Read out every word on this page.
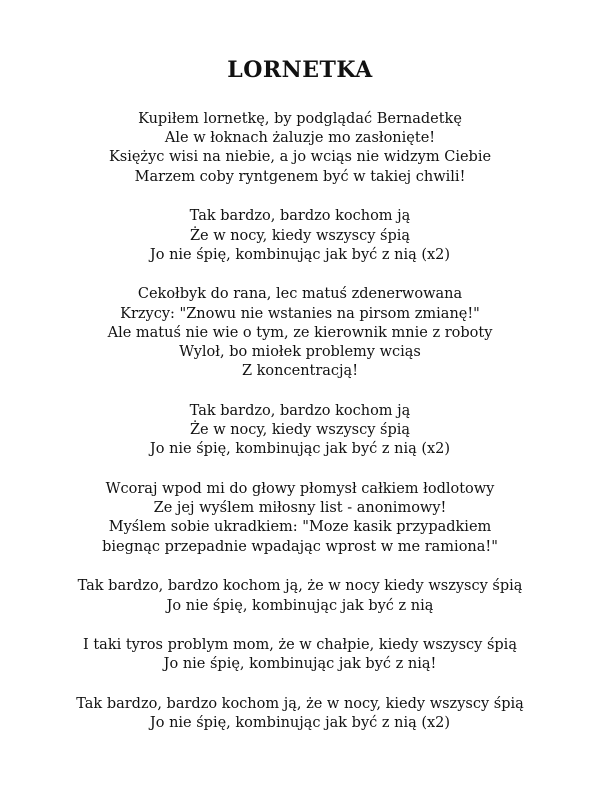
LORNETKA
Kupiłem lornetkę, by podglądać Bernadetkę
Ale w łoknach żaluzje mo zasłonięte!
Księżyc wisi na niebie, a jo wciąs nie widzym Ciebie
Marzem coby ryntgenem być w takiej chwili!
Tak bardzo, bardzo kochom ją
Że w nocy, kiedy wszyscy śpią
Jo nie śpię, kombinując jak być z nią (x2)
Cekołbyk do rana, lec matuś zdenerwowana
Krzycy: "Znowu nie wstanies na pirsom zmianę!"
Ale matuś nie wie o tym, ze kierownik mnie z roboty
Wyloł, bo miołek problemy wciąs
Z koncentracją!
Tak bardzo, bardzo kochom ją
Że w nocy, kiedy wszyscy śpią
Jo nie śpię, kombinując jak być z nią (x2)
Wcoraj wpod mi do głowy płomysł całkiem łodlotowy
Ze jej wyślem miłosny list - anonimowy!
Myślem sobie ukradkiem: "Moze kasik przypadkiem
biegnąc przepadnie wpadając wprost w me ramiona!"
Tak bardzo, bardzo kochom ją, że w nocy kiedy wszyscy śpią
Jo nie śpię, kombinując jak być z nią
I taki tyros problym mom, że w chałpie, kiedy wszyscy śpią
Jo nie śpię, kombinując jak być z nią!
Tak bardzo, bardzo kochom ją, że w nocy, kiedy wszyscy śpią
Jo nie śpię, kombinując jak być z nią (x2)
